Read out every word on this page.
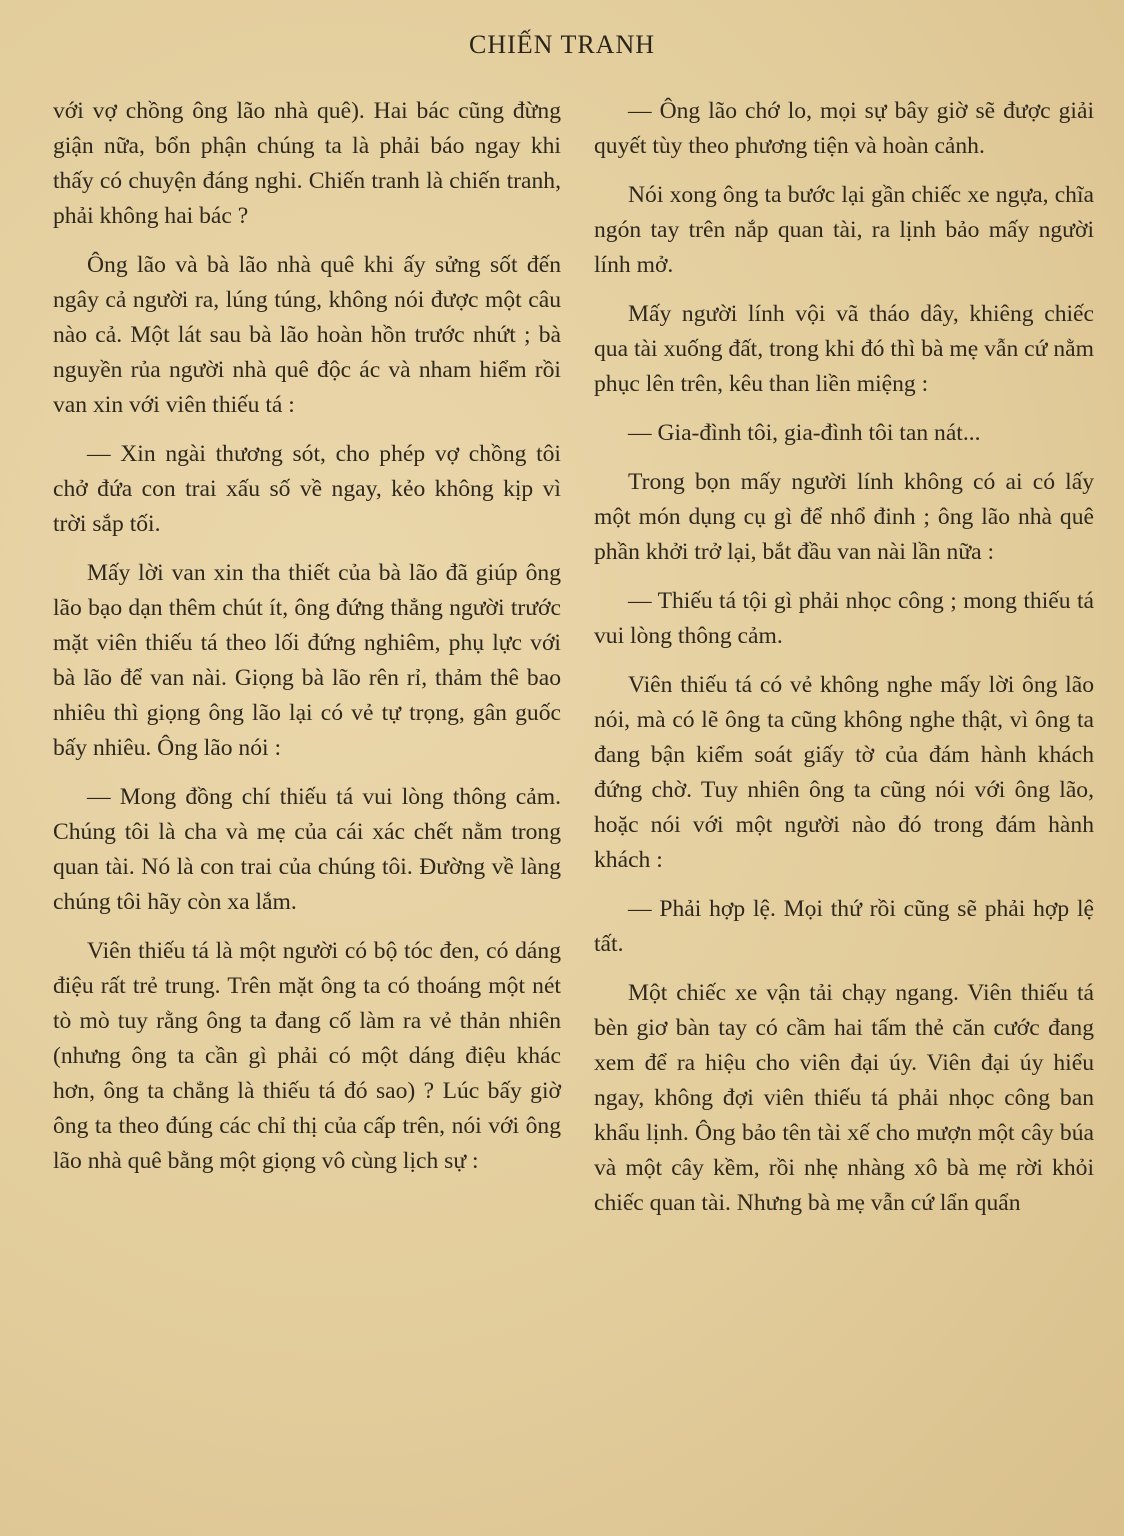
CHIẾN TRANH

với vợ chồng ông lão nhà quê). Hai bác cũng đừng giận nữa, bổn phận chúng ta là phải báo ngay khi thấy có chuyện đáng nghi. Chiến tranh là chiến tranh, phải không hai bác ?

Ông lão và bà lão nhà quê khi ấy sửng sốt đến ngây cả người ra, lúng túng, không nói được một câu nào cả. Một lát sau bà lão hoàn hồn trước nhứt ; bà nguyền rủa người nhà quê độc ác và nham hiểm rồi van xin với viên thiếu tá :

— Xin ngài thương sót, cho phép vợ chồng tôi chở đứa con trai xấu số về ngay, kẻo không kịp vì trời sắp tối.

Mấy lời van xin tha thiết của bà lão đã giúp ông lão bạo dạn thêm chút ít, ông đứng thẳng người trước mặt viên thiếu tá theo lối đứng nghiêm, phụ lực với bà lão để van nài. Giọng bà lão rên rỉ, thảm thê bao nhiêu thì giọng ông lão lại có vẻ tự trọng, gân guốc bấy nhiêu. Ông lão nói :

— Mong đồng chí thiếu tá vui lòng thông cảm. Chúng tôi là cha và mẹ của cái xác chết nằm trong quan tài. Nó là con trai của chúng tôi. Đường về làng chúng tôi hãy còn xa lắm.

Viên thiếu tá là một người có bộ tóc đen, có dáng điệu rất trẻ trung. Trên mặt ông ta có thoáng một nét tò mò tuy rằng ông ta đang cố làm ra vẻ thản nhiên (nhưng ông ta cần gì phải có một dáng điệu khác hơn, ông ta chẳng là thiếu tá đó sao) ? Lúc bấy giờ ông ta theo đúng các chỉ thị của cấp trên, nói với ông lão nhà quê bằng một giọng vô cùng lịch sự :

— Ông lão chớ lo, mọi sự bây giờ sẽ được giải quyết tùy theo phương tiện và hoàn cảnh.

Nói xong ông ta bước lại gần chiếc xe ngựa, chĩa ngón tay trên nắp quan tài, ra lịnh bảo mấy người lính mở.

Mấy người lính vội vã tháo dây, khiêng chiếc qua tài xuống đất, trong khi đó thì bà mẹ vẫn cứ nằm phục lên trên, kêu than liền miệng :

— Gia-đình tôi, gia-đình tôi tan nát...

Trong bọn mấy người lính không có ai có lấy một món dụng cụ gì để nhổ đinh ; ông lão nhà quê phần khởi trở lại, bắt đầu van nài lần nữa :

— Thiếu tá tội gì phải nhọc công ; mong thiếu tá vui lòng thông cảm.

Viên thiếu tá có vẻ không nghe mấy lời ông lão nói, mà có lẽ ông ta cũng không nghe thật, vì ông ta đang bận kiểm soát giấy tờ của đám hành khách đứng chờ. Tuy nhiên ông ta cũng nói với ông lão, hoặc nói với một người nào đó trong đám hành khách :

— Phải hợp lệ. Mọi thứ rồi cũng sẽ phải hợp lệ tất.

Một chiếc xe vận tải chạy ngang. Viên thiếu tá bèn giơ bàn tay có cầm hai tấm thẻ căn cước đang xem để ra hiệu cho viên đại úy. Viên đại úy hiểu ngay, không đợi viên thiếu tá phải nhọc công ban khẩu lịnh. Ông bảo tên tài xế cho mượn một cây búa và một cây kềm, rồi nhẹ nhàng xô bà mẹ rời khỏi chiếc quan tài. Nhưng bà mẹ vẫn cứ lẩn quẩn
